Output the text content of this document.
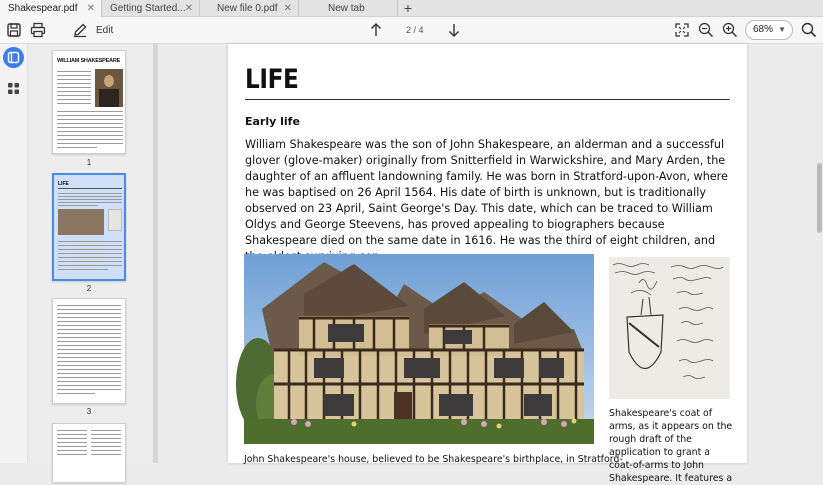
Shakespear.pdf ✕	Getting Started... ✕	New file 0.pdf ✕	New tab	+
Edit	2 / 4	68% ▼
WILLIAM SHAKESPEARE
1
LIFE
2
3
LIFE
Early life
William Shakespeare was the son of John Shakespeare, an alderman and a successful glover (glove-maker) originally from Snitterfield in Warwickshire, and Mary Arden, the daughter of an affluent landowning family. He was born in Stratford-upon-Avon, where he was baptised on 26 April 1564. His date of birth is unknown, but is traditionally observed on 23 April, Saint George's Day. This date, which can be traced to William Oldys and George Steevens, has proved appealing to biographers because Shakespeare died on the same date in 1616. He was the third of eight children, and
Shakespeare's coat of arms, as it appears on the rough draft of the application to grant a coat-of-arms to John Shakespeare. It features a
John Shakespeare's house, believed to be Shakespeare's birthplace, in Stratford-
